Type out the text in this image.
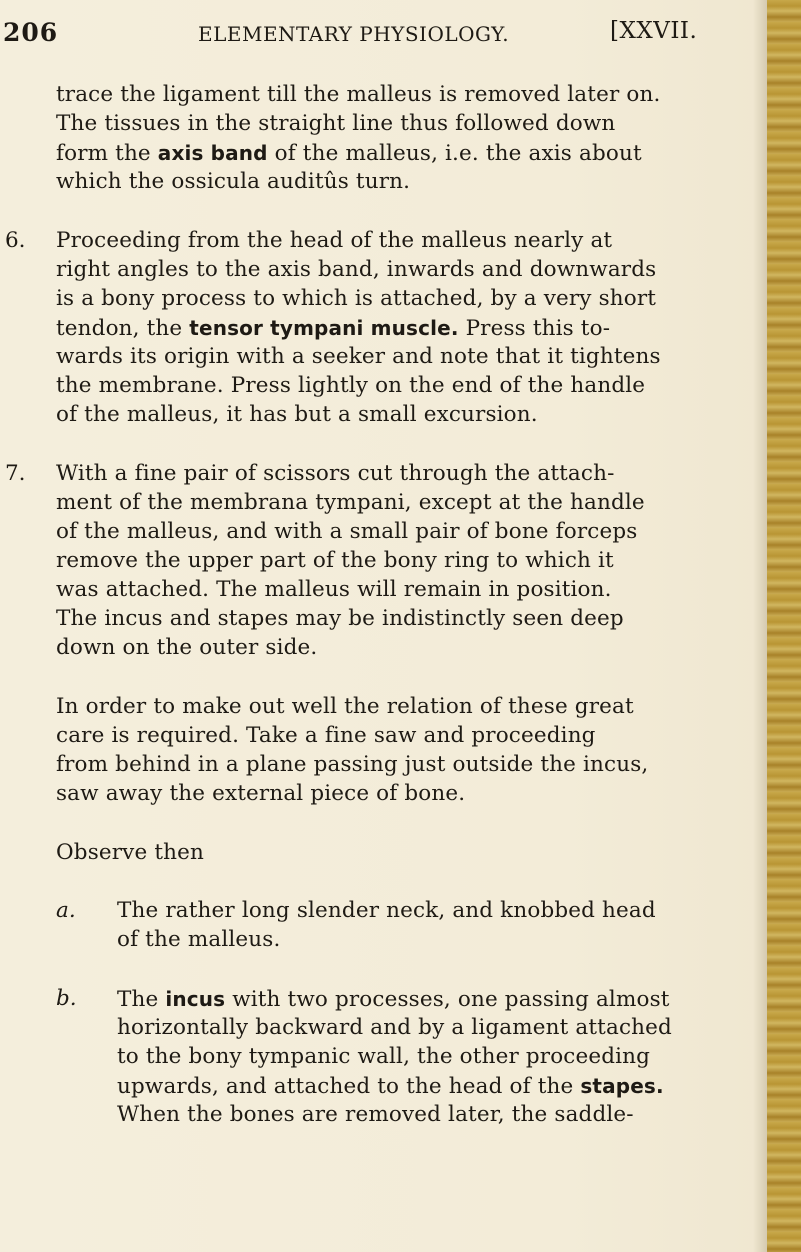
206	ELEMENTARY PHYSIOLOGY.	[XXVII.
trace the ligament till the malleus is removed later on.
The tissues in the straight line thus followed down
form the axis band of the malleus, i.e. the axis about
which the ossicula auditûs turn.
6. Proceeding from the head of the malleus nearly at
right angles to the axis band, inwards and downwards
is a bony process to which is attached, by a very short
tendon, the tensor tympani muscle. Press this to-
wards its origin with a seeker and note that it tightens
the membrane. Press lightly on the end of the handle
of the malleus, it has but a small excursion.
7. With a fine pair of scissors cut through the attach-
ment of the membrana tympani, except at the handle
of the malleus, and with a small pair of bone forceps
remove the upper part of the bony ring to which it
was attached. The malleus will remain in position.
The incus and stapes may be indistinctly seen deep
down on the outer side.
In order to make out well the relation of these great
care is required. Take a fine saw and proceeding
from behind in a plane passing just outside the incus,
saw away the external piece of bone.
Observe then
a. The rather long slender neck, and knobbed head
of the malleus.
b. The incus with two processes, one passing almost
horizontally backward and by a ligament attached
to the bony tympanic wall, the other proceeding
upwards, and attached to the head of the stapes.
When the bones are removed later, the saddle-
